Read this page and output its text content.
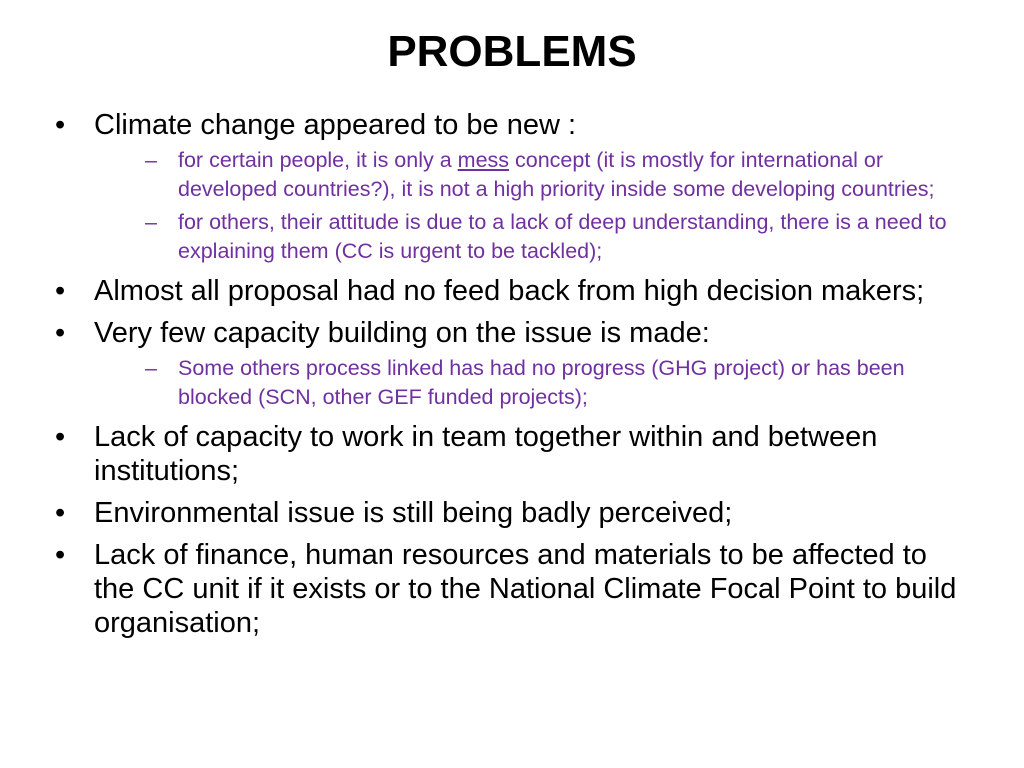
PROBLEMS
• Climate change appeared to be new :
– for certain people, it is only a mess concept (it is mostly for international or developed countries?), it is not a high priority inside some developing countries;
– for others, their attitude is due to a lack of deep understanding, there is a need to explaining them (CC is urgent to be tackled);
• Almost all proposal had no feed back from high decision makers;
• Very few capacity building on the issue is made:
– Some others process linked has had no progress (GHG project) or has been blocked (SCN, other GEF funded projects);
• Lack of capacity to work in team together within and between institutions;
• Environmental issue is still being badly perceived;
• Lack of finance, human resources and materials to be affected to the CC unit if it exists or to the National Climate Focal Point to build organisation;
